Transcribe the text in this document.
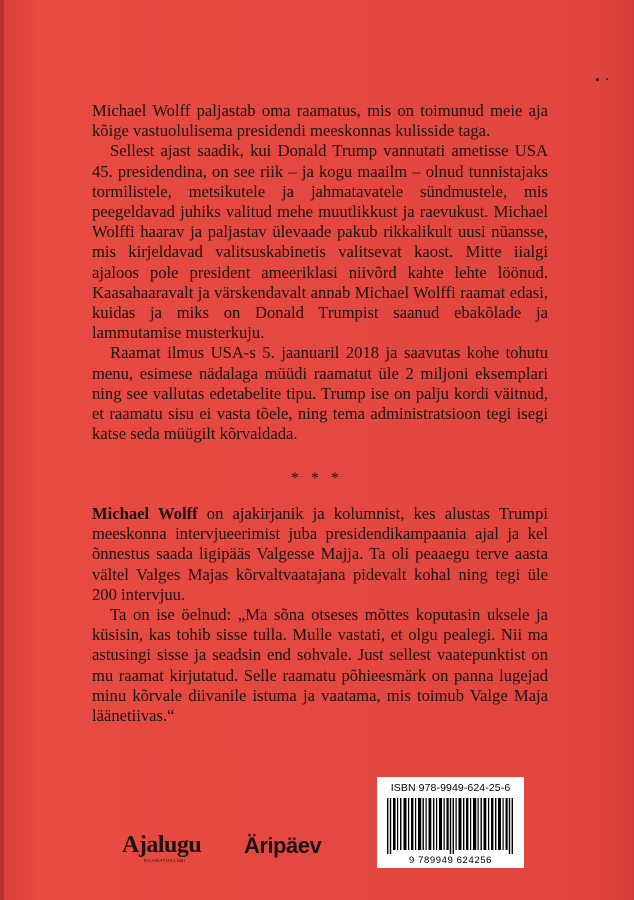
Michael Wolff paljastab oma raamatus, mis on toimunud meie aja kõige vastuolulisema presidendi meeskonnas kulisside taga.

Sellest ajast saadik, kui Donald Trump vannutati ametisse USA 45. presidendina, on see riik – ja kogu maailm – olnud tunnistajaks tormilistele, metsikutele ja jahmatavatele sündmustele, mis peegeldavad juhiks valitud mehe muutlikkust ja raevukust. Michael Wolffi haarav ja paljastav ülevaade pakub rikkalikult uusi nüansse, mis kirjeldavad valitsuskabinetis valitsevat kaost. Mitte iialgi ajaloos pole president ameeriklasi niivõrd kahte lehte löönud. Kaasahaaravalt ja värskendavalt annab Michael Wolffi raamat edasi, kuidas ja miks on Donald Trumpist saanud ebakõlade ja lammutamise musterkuju.

Raamat ilmus USA-s 5. jaanuaril 2018 ja saavutas kohe tohutu menu, esimese nädalaga müüdi raamatut üle 2 miljoni eksemplari ning see vallutas edetabelite tipu. Trump ise on palju kordi väitnud, et raamatu sisu ei vasta tõele, ning tema administratsioon tegi isegi katse seda müügilt kõrvaldada.

* * *

Michael Wolff on ajakirjanik ja kolumnist, kes alustas Trumpi meeskonna intervjueerimist juba presidendikampaania ajal ja kel õnnestus saada ligipääs Valgesse Majja. Ta oli peaaegu terve aasta vältel Valges Majas kõrvaltvaatajana pidevalt kohal ning tegi üle 200 intervjuu.

Ta on ise öelnud: „Ma sõna otseses mõttes koputasin uksele ja küsisin, kas tohib sisse tulla. Mulle vastati, et olgu pealegi. Nii ma astusingi sisse ja seadsin end sohvale. Just sellest vaatepunktist on mu raamat kirjutatud. Selle raamatu põhieesmärk on panna lugejad minu kõrvale diivanile istuma ja vaatama, mis toimub Valge Maja läänetiivas.“

ISBN 978-9949-624-25-6
9 789949 624256
Ajalugu
RAAMATUKLUBI
Äripäev
